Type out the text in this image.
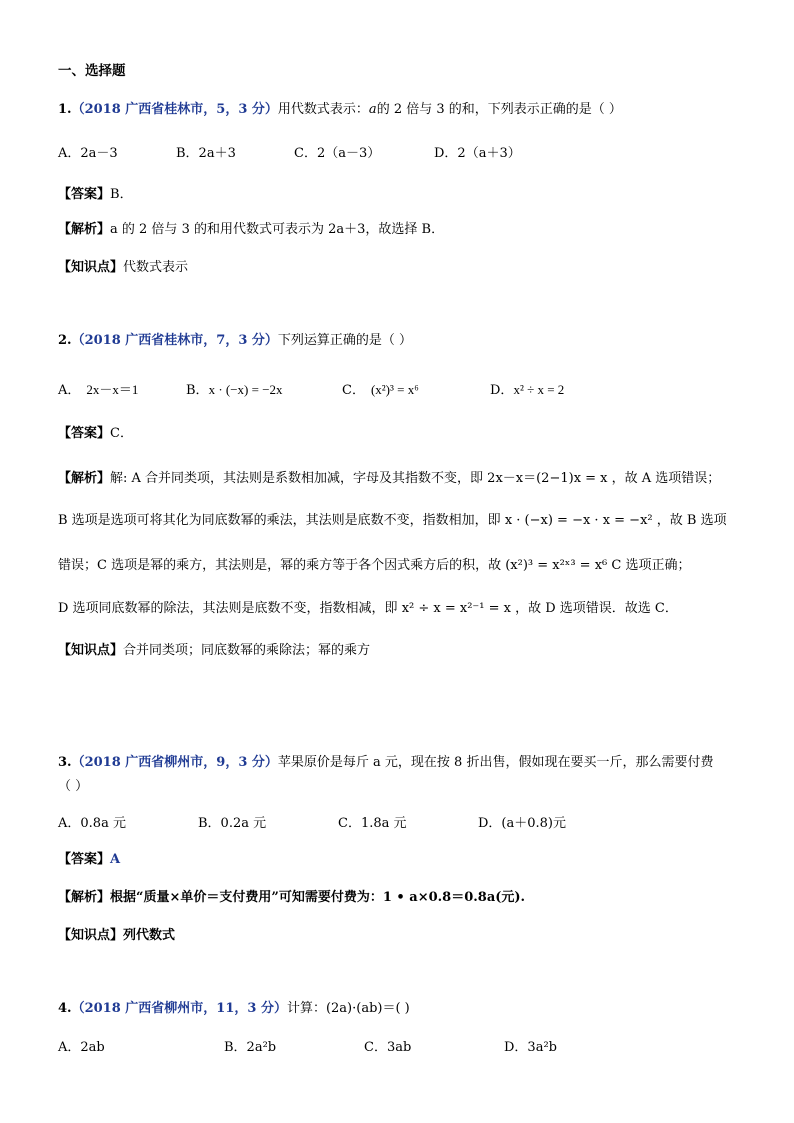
一、选择题
1.（2018 广西省桂林市，5，3 分）用代数式表示：a的 2 倍与 3 的和，下列表示正确的是（ ）
A．2a－3	B．2a＋3	C．2（a－3）	D．2（a＋3）
【答案】B．
【解析】a 的 2 倍与 3 的和用代数式可表示为 2a＋3，故选择 B．
【知识点】代数式表示
2.（2018 广西省桂林市，7，3 分）下列运算正确的是（ ）
A． 2x－x＝1	B．x · (−x) = −2x	C． (x²)³ = x⁶	D．x² ÷ x = 2
【答案】C．
【解析】解: A 合并同类项，其法则是系数相加减，字母及其指数不变，即 2x－x＝(2−1)x = x ，故 A 选项错误；
B 选项是选项可将其化为同底数幂的乘法，其法则是底数不变，指数相加，即 x · (−x) = −x · x = −x² ，故 B 选项
错误；C 选项是幂的乘方，其法则是，幂的乘方等于各个因式乘方后的积，故 (x²)³ = x²ˣ³ = x⁶ C 选项正确；
D 选项同底数幂的除法，其法则是底数不变，指数相减，即 x² ÷ x = x²⁻¹ = x ，故 D 选项错误．故选 C．
【知识点】合并同类项；同底数幂的乘除法；幂的乘方
3.（2018 广西省柳州市，9，3 分）苹果原价是每斤 a 元，现在按 8 折出售，假如现在要买一斤，那么需要付费
（ ）
A．0.8a 元	B．0.2a 元	C．1.8a 元	D．(a＋0.8)元
【答案】A
【解析】根据“质量×单价＝支付费用”可知需要付费为：1 • a×0.8＝0.8a(元).
【知识点】列代数式
4.（2018 广西省柳州市，11，3 分）计算：(2a)·(ab)＝( )
A．2ab	B．2a²b	C．3ab	D．3a²b
